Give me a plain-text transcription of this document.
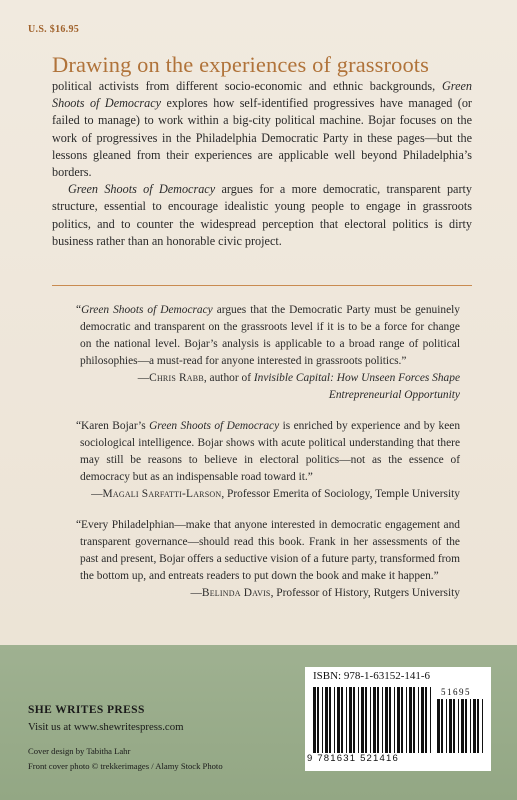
U.S. $16.95
Drawing on the experiences of grassroots

political activists from different socio-economic and ethnic backgrounds, Green Shoots of Democracy explores how self-identified progressives have managed (or failed to manage) to work within a big-city political machine. Bojar focuses on the work of progressives in the Philadelphia Democratic Party in these pages—but the lessons gleaned from their experiences are applicable well beyond Philadelphia’s borders.

Green Shoots of Democracy argues for a more democratic, transparent party structure, essential to encourage idealistic young people to engage in grassroots politics, and to counter the widespread perception that electoral politics is dirty business rather than an honorable civic project.

“Green Shoots of Democracy argues that the Democratic Party must be genuinely democratic and transparent on the grassroots level if it is to be a force for change on the national level. Bojar’s analysis is applicable to a broad range of political philosophies—a must-read for anyone interested in grassroots politics.”
—Chris Rabb, author of Invisible Capital: How Unseen Forces Shape Entrepreneurial Opportunity
“Karen Bojar’s Green Shoots of Democracy is enriched by experience and by keen sociological intelligence. Bojar shows with acute political understanding that there may still be reasons to believe in electoral politics—not as the essence of democracy but as an indispensable road toward it.”
—Magali Sarfatti-Larson, Professor Emerita of Sociology, Temple University
“Every Philadelphian—make that anyone interested in democratic engagement and transparent governance—should read this book. Frank in her assessments of the past and present, Bojar offers a seductive vision of a future party, transformed from the bottom up, and entreats readers to put down the book and make it happen.”
—Belinda Davis, Professor of History, Rutgers University
SHE WRITES PRESS
Visit us at www.shewritespress.com
Cover design by Tabitha Lahr
Front cover photo © trekkerimages / Alamy Stock Photo
ISBN: 978-1-63152-141-6
51695
9 781631 521416
